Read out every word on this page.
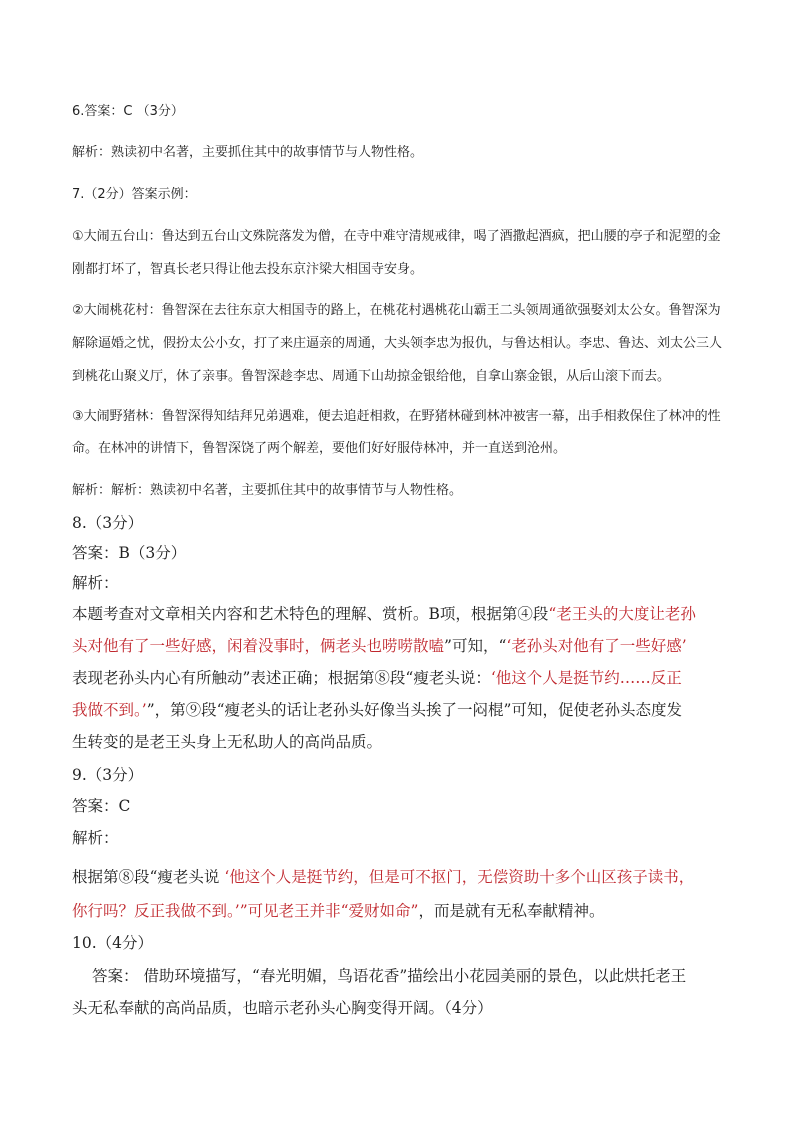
6.答案：C （3分）

解析：熟读初中名著，主要抓住其中的故事情节与人物性格。

7.（2分）答案示例：

①大闹五台山：鲁达到五台山文殊院落发为僧，在寺中难守清规戒律，喝了酒撒起酒疯，把山腰的亭子和泥塑的金

刚都打坏了，智真长老只得让他去投东京汴梁大相国寺安身。

②大闹桃花村：鲁智深在去往东京大相国寺的路上，在桃花村遇桃花山霸王二头领周通欲强娶刘太公女。鲁智深为

解除逼婚之忧，假扮太公小女，打了来庄逼亲的周通，大头领李忠为报仇，与鲁达相认。李忠、鲁达、刘太公三人

到桃花山聚义厅，休了亲事。鲁智深趁李忠、周通下山劫掠金银给他，自拿山寨金银，从后山滚下而去。

③大闹野猪林：鲁智深得知结拜兄弟遇难，便去追赶相救，在野猪林碰到林冲被害一幕，出手相救保住了林冲的性

命。在林冲的讲情下，鲁智深饶了两个解差，要他们好好服侍林冲，并一直送到沧州。

解析：解析：熟读初中名著，主要抓住其中的故事情节与人物性格。

8.（3分）

答案：B（3分）

解析：

本题考查对文章相关内容和艺术特色的理解、赏析。B项，根据第④段“老王头的大度让老孙

头对他有了一些好感，闲着没事时，俩老头也唠唠散嗑”可知，“‘老孙头对他有了一些好感’

表现老孙头内心有所触动”表述正确；根据第⑧段“瘦老头说：‘他这个人是挺节约……反正

我做不到。’”，第⑨段“瘦老头的话让老孙头好像当头挨了一闷棍”可知，促使老孙头态度发

生转变的是老王头身上无私助人的高尚品质。

9.（3分）

答案：C

解析：

根据第⑧段“瘦老头说 ‘他这个人是挺节约，但是可不抠门，无偿资助十多个山区孩子读书，

你行吗？反正我做不到。’”可见老王并非“爱财如命”，而是就有无私奉献精神。

10.（4分）

答案： 借助环境描写，“春光明媚，鸟语花香”描绘出小花园美丽的景色，以此烘托老王

头无私奉献的高尚品质，也暗示老孙头心胸变得开阔。（4分）
